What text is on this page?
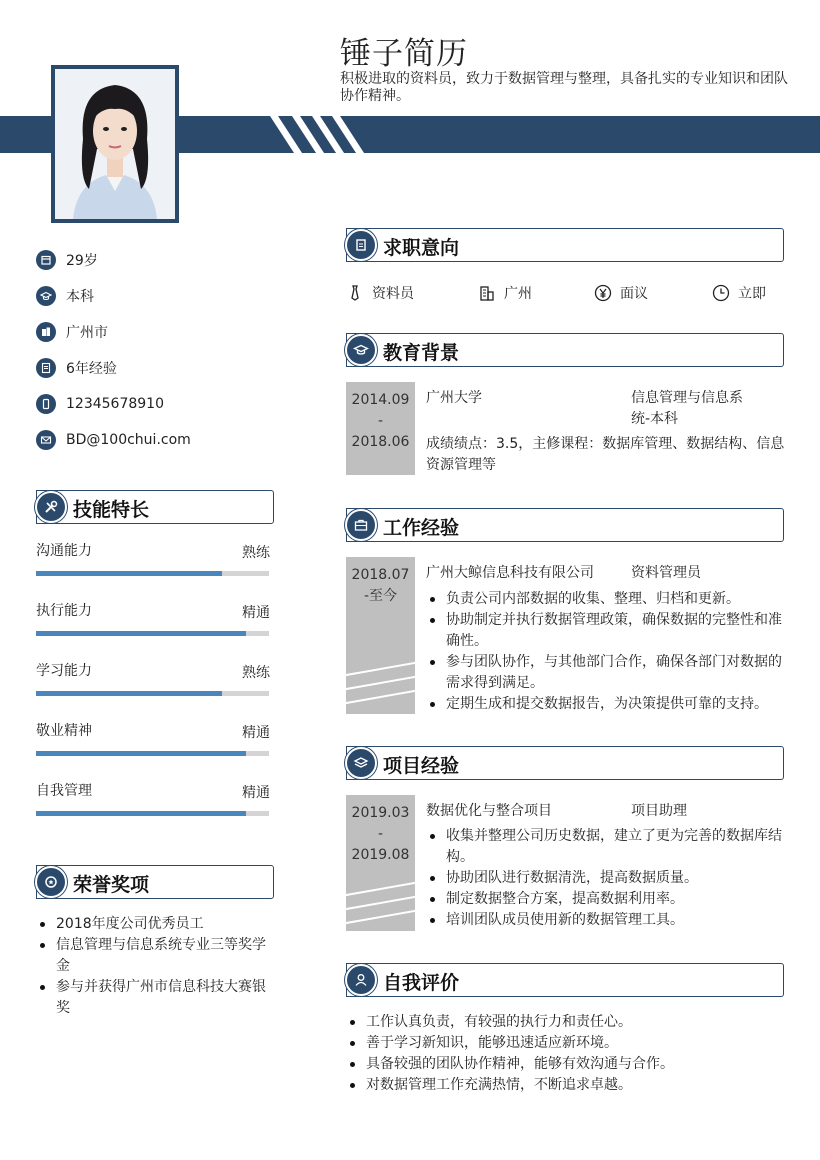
锤子简历
积极进取的资料员，致力于数据管理与整理，具备扎实的专业知识和团队协作精神。
29岁
本科
广州市
6年经验
12345678910
BD@100chui.com
技能特长
沟通能力	熟练
执行能力	精通
学习能力	熟练
敬业精神	精通
自我管理	精通
荣誉奖项
2018年度公司优秀员工
信息管理与信息系统专业三等奖学金
参与并获得广州市信息科技大赛银奖
求职意向
资料员	广州	面议	立即
教育背景
2014.09
-
2018.06
广州大学	信息管理与信息系统-本科
成绩绩点：3.5，主修课程：数据库管理、数据结构、信息资源管理等
工作经验
2018.07
-至今
广州大鲸信息科技有限公司	资料管理员
负责公司内部数据的收集、整理、归档和更新。
协助制定并执行数据管理政策，确保数据的完整性和准确性。
参与团队协作，与其他部门合作，确保各部门对数据的需求得到满足。
定期生成和提交数据报告，为决策提供可靠的支持。
项目经验
2019.03
-
2019.08
数据优化与整合项目	项目助理
收集并整理公司历史数据，建立了更为完善的数据库结构。
协助团队进行数据清洗，提高数据质量。
制定数据整合方案，提高数据利用率。
培训团队成员使用新的数据管理工具。
自我评价
工作认真负责，有较强的执行力和责任心。
善于学习新知识，能够迅速适应新环境。
具备较强的团队协作精神，能够有效沟通与合作。
对数据管理工作充满热情，不断追求卓越。
